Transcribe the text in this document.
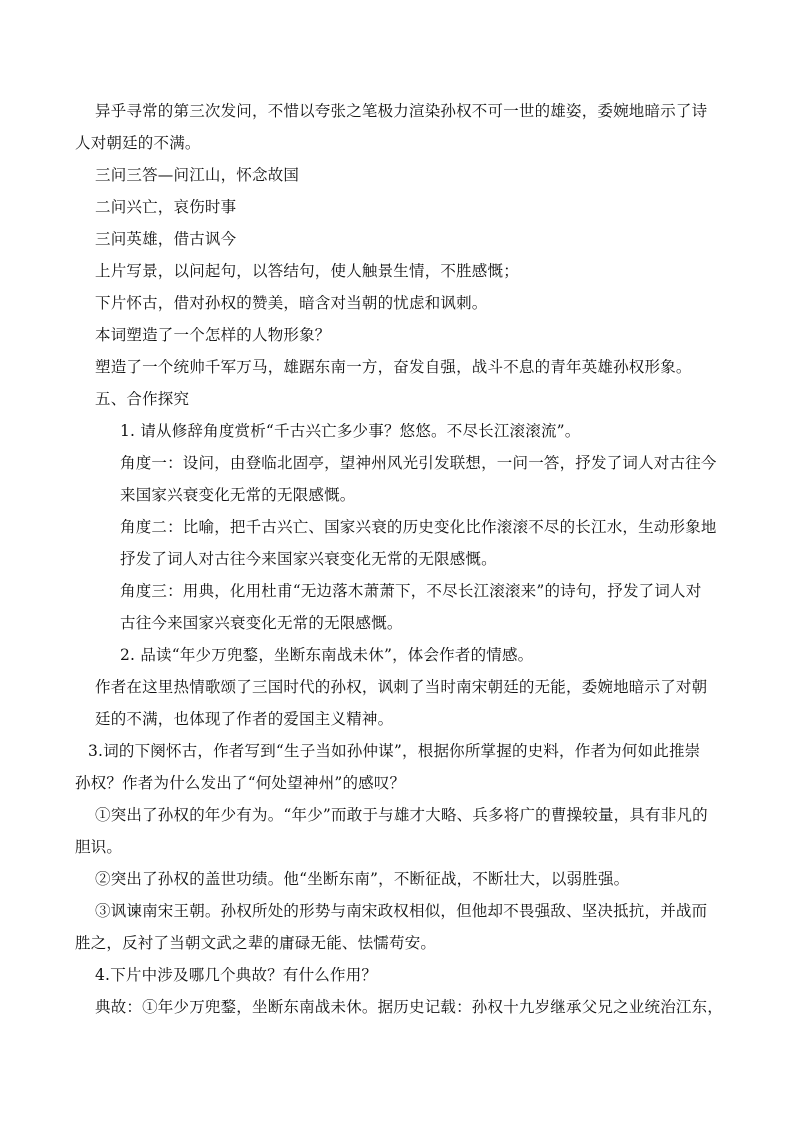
异乎寻常的第三次发问，不惜以夸张之笔极力渲染孙权不可一世的雄姿，委婉地暗示了诗
人对朝廷的不满。
三问三答—问江山，怀念故国
二问兴亡，哀伤时事
三问英雄，借古讽今
上片写景，以问起句，以答结句，使人触景生情，不胜感慨；
下片怀古，借对孙权的赞美，暗含对当朝的忧虑和讽刺。
本词塑造了一个怎样的人物形象？
塑造了一个统帅千军万马，雄踞东南一方，奋发自强，战斗不息的青年英雄孙权形象。
五、合作探究
1. 请从修辞角度赏析“千古兴亡多少事？悠悠。不尽长江滚滚流”。
角度一：设问，由登临北固亭，望神州风光引发联想，一问一答，抒发了词人对古往今
来国家兴衰变化无常的无限感慨。
角度二：比喻，把千古兴亡、国家兴衰的历史变化比作滚滚不尽的长江水，生动形象地
抒发了词人对古往今来国家兴衰变化无常的无限感慨。
角度三：用典，化用杜甫“无边落木萧萧下，不尽长江滚滚来”的诗句，抒发了词人对
古往今来国家兴衰变化无常的无限感慨。
2. 品读“年少万兜鍪，坐断东南战未休”，体会作者的情感。
作者在这里热情歌颂了三国时代的孙权，讽刺了当时南宋朝廷的无能，委婉地暗示了对朝
廷的不满，也体现了作者的爱国主义精神。
3.词的下阕怀古，作者写到“生子当如孙仲谋”，根据你所掌握的史料，作者为何如此推崇
孙权？作者为什么发出了“何处望神州”的感叹？
①突出了孙权的年少有为。“年少”而敢于与雄才大略、兵多将广的曹操较量，具有非凡的
胆识。
②突出了孙权的盖世功绩。他“坐断东南”，不断征战，不断壮大，以弱胜强。
③讽谏南宋王朝。孙权所处的形势与南宋政权相似，但他却不畏强敌、坚决抵抗，并战而
胜之，反衬了当朝文武之辈的庸碌无能、怯懦苟安。
4.下片中涉及哪几个典故？有什么作用？
典故：①年少万兜鍪，坐断东南战未休。据历史记载：孙权十九岁继承父兄之业统治江东，
